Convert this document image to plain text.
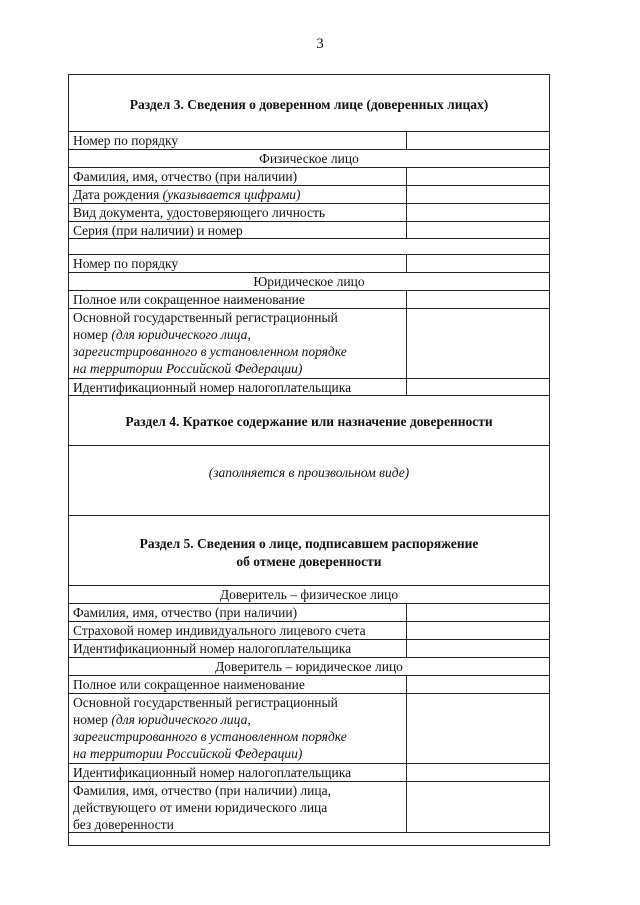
3
Раздел 3. Сведения о доверенном лице (доверенных лицах)
Номер по порядку
Физическое лицо
Фамилия, имя, отчество (при наличии)
Дата рождения (указывается цифрами)
Вид документа, удостоверяющего личность
Серия (при наличии) и номер
Номер по порядку
Юридическое лицо
Полное или сокращенное наименование
Основной государственный регистрационный
номер (для юридического лица,
зарегистрированного в установленном порядке
на территории Российской Федерации)
Идентификационный номер налогоплательщика
Раздел 4. Краткое содержание или назначение доверенности
(заполняется в произвольном виде)
Раздел 5. Сведения о лице, подписавшем распоряжение
об отмене доверенности
Доверитель – физическое лицо
Фамилия, имя, отчество (при наличии)
Страховой номер индивидуального лицевого счета
Идентификационный номер налогоплательщика
Доверитель – юридическое лицо
Полное или сокращенное наименование
Основной государственный регистрационный
номер (для юридического лица,
зарегистрированного в установленном порядке
на территории Российской Федерации)
Идентификационный номер налогоплательщика
Фамилия, имя, отчество (при наличии) лица,
действующего от имени юридического лица
без доверенности
